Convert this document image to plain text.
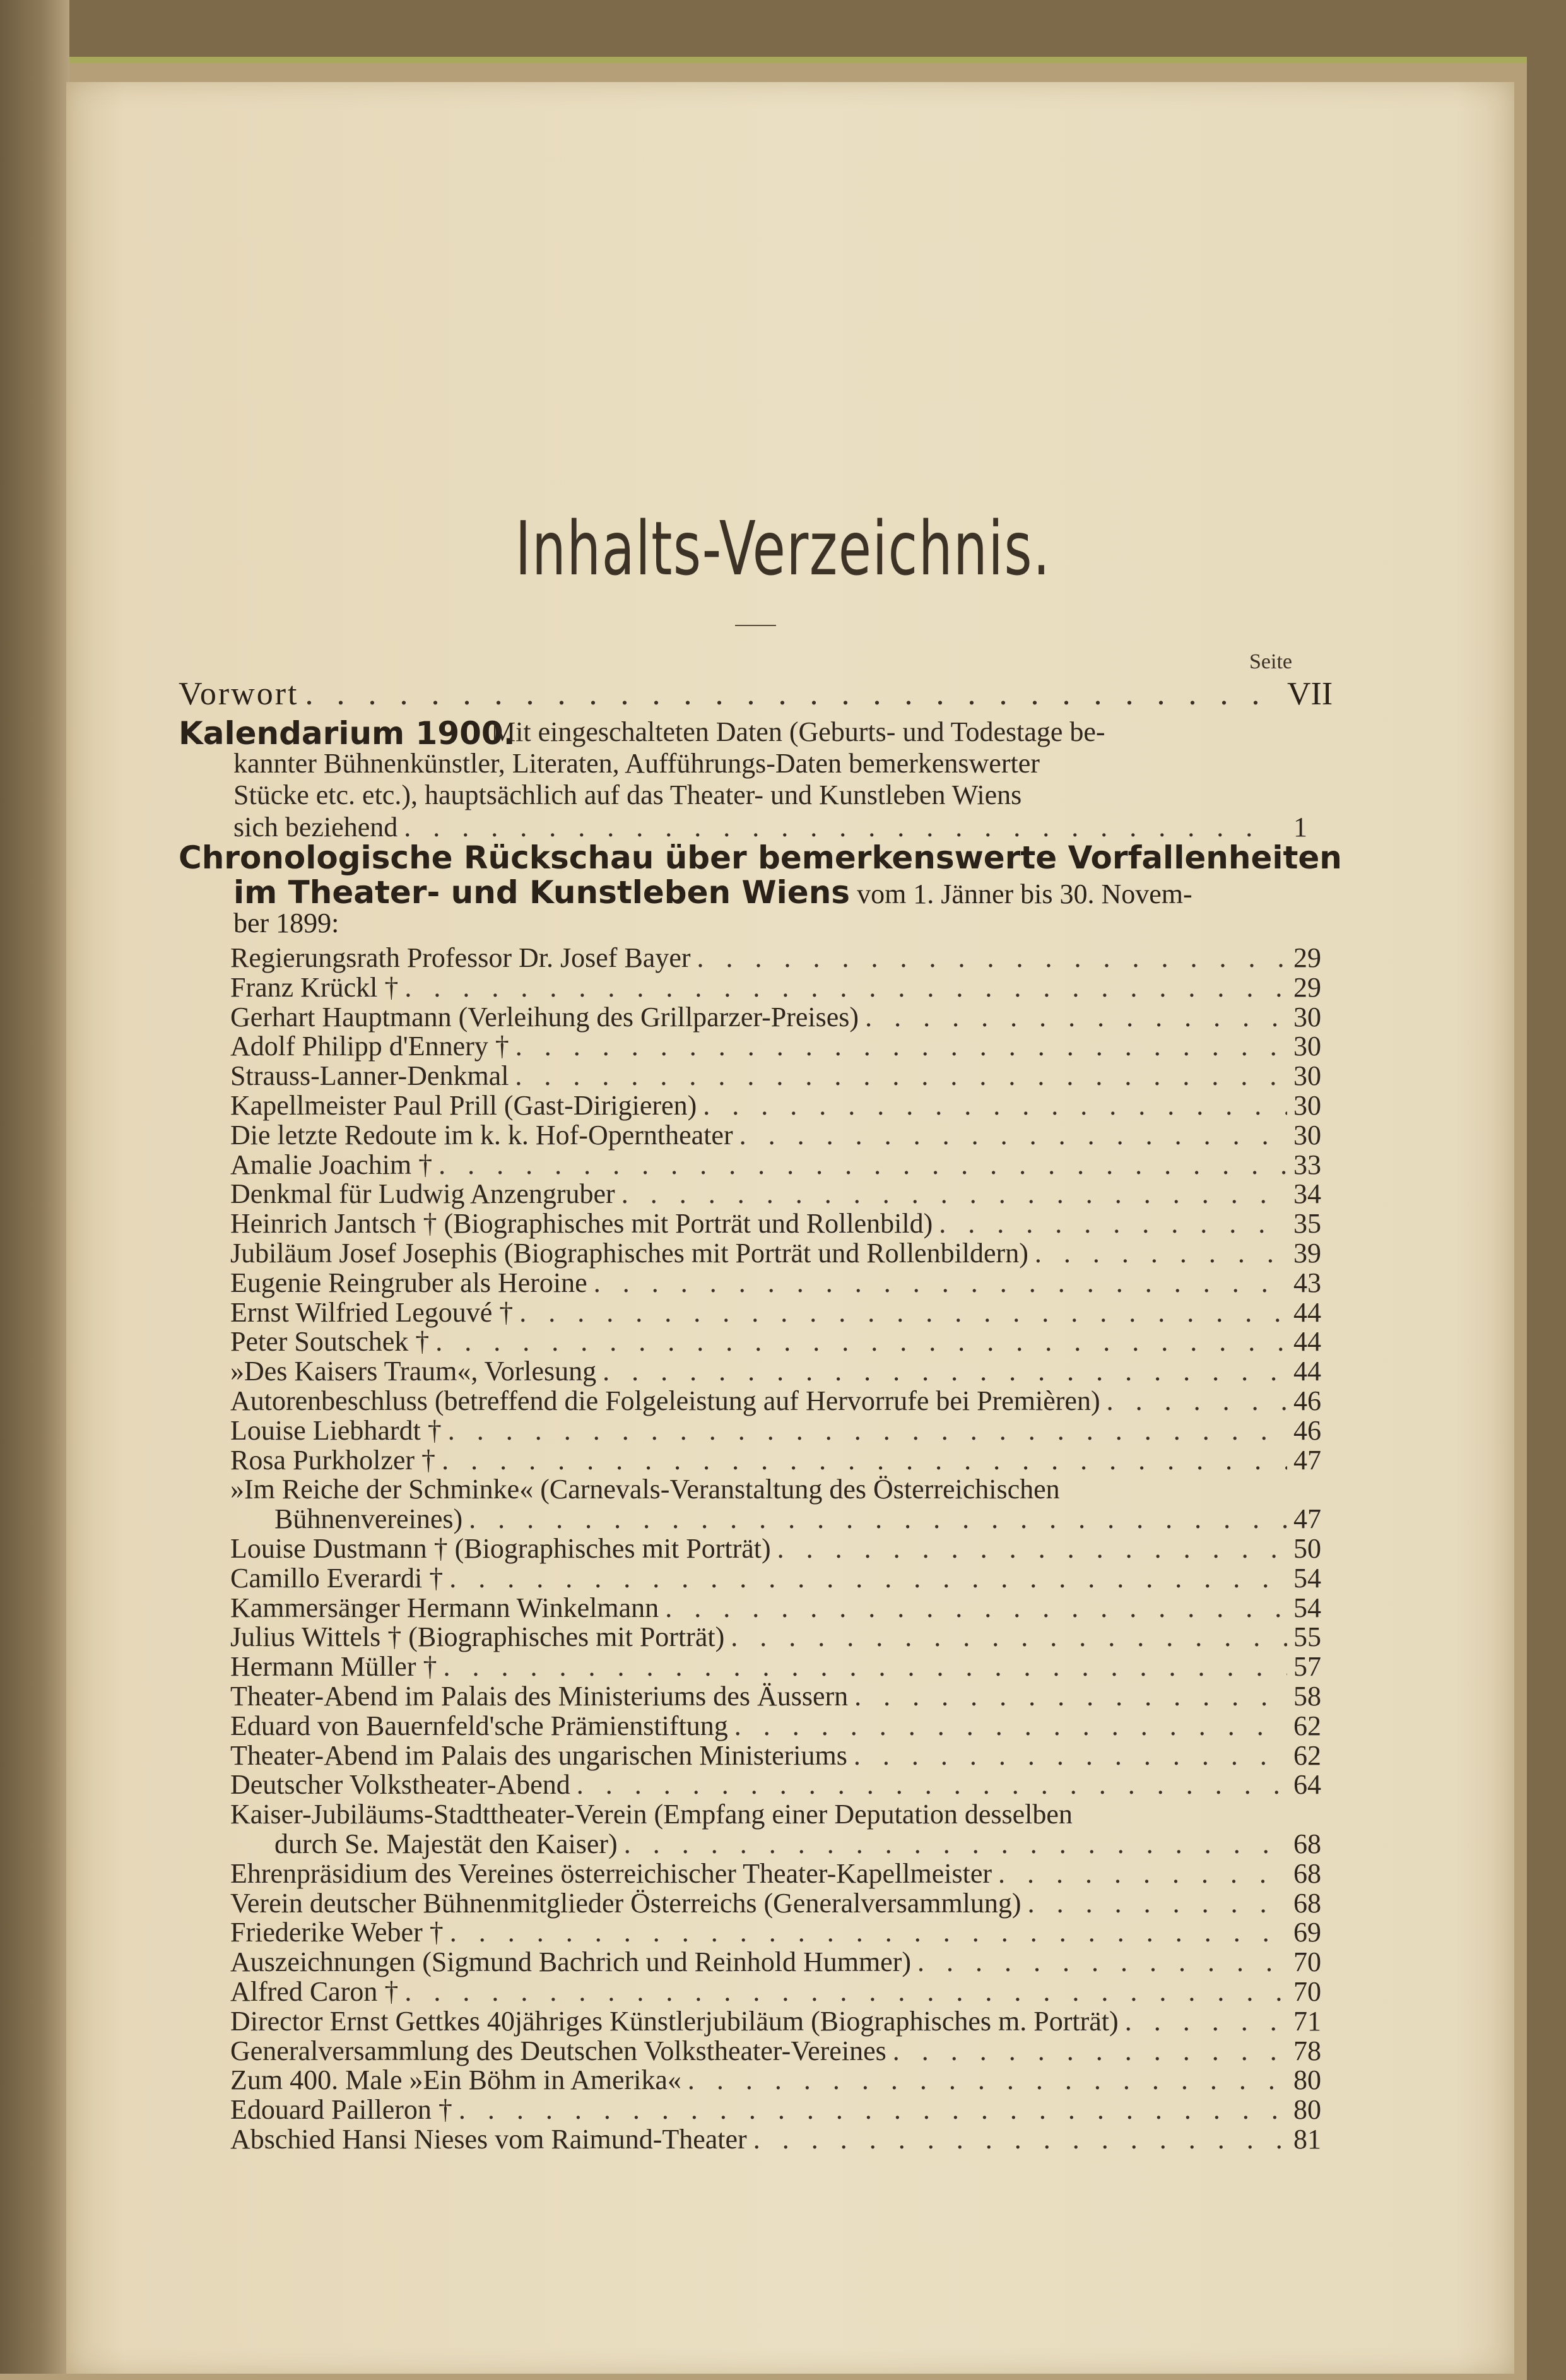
Inhalts-Verzeichnis.
Seite
Vorwort . . .	VII
Kalendarium 1900.
Mit eingeschalteten Daten (Geburts- und Todestage be-
kannter Bühnenkünstler, Literaten, Aufführungs-Daten bemerkenswerter
Stücke etc. etc.), hauptsächlich auf das Theater- und Kunstleben Wiens
sich beziehend . . .	1
Chronologische Rückschau über bemerkenswerte Vorfallenheiten
im Theater- und Kunstleben Wiens vom 1. Jänner bis 30. Novem-
ber 1899:
Regierungsrath Professor Dr. Josef Bayer . . .	29
Franz Krückl † . . .	29
Gerhart Hauptmann (Verleihung des Grillparzer-Preises) . . .	30
Adolf Philipp d'Ennery † . . .	30
Strauss-Lanner-Denkmal . . .	30
Kapellmeister Paul Prill (Gast-Dirigieren) . . .	30
Die letzte Redoute im k. k. Hof-Operntheater . . .	30
Amalie Joachim † . . .	33
Denkmal für Ludwig Anzengruber . . .	34
Heinrich Jantsch † (Biographisches mit Porträt und Rollenbild) . . .	35
Jubiläum Josef Josephis (Biographisches mit Porträt und Rollenbildern) . . .	39
Eugenie Reingruber als Heroine . . .	43
Ernst Wilfried Legouvé † . . .	44
Peter Soutschek † . . .	44
»Des Kaisers Traum«, Vorlesung . . .	44
Autorenbeschluss (betreffend die Folgeleistung auf Hervorrufe bei Premièren) . . .	46
Louise Liebhardt † . . .	46
Rosa Purkholzer † . . .	47
»Im Reiche der Schminke« (Carnevals-Veranstaltung des Österreichischen
Bühnenvereines) . . .	47
Louise Dustmann † (Biographisches mit Porträt) . . .	50
Camillo Everardi † . . .	54
Kammersänger Hermann Winkelmann . . .	54
Julius Wittels † (Biographisches mit Porträt) . . .	55
Hermann Müller † . . .	57
Theater-Abend im Palais des Ministeriums des Äussern . . .	58
Eduard von Bauernfeld'sche Prämienstiftung . . .	62
Theater-Abend im Palais des ungarischen Ministeriums . . .	62
Deutscher Volkstheater-Abend . . .	64
Kaiser-Jubiläums-Stadttheater-Verein (Empfang einer Deputation desselben
durch Se. Majestät den Kaiser) . . .	68
Ehrenpräsidium des Vereines österreichischer Theater-Kapellmeister . . .	68
Verein deutscher Bühnenmitglieder Österreichs (Generalversammlung) . . .	68
Friederike Weber † . . .	69
Auszeichnungen (Sigmund Bachrich und Reinhold Hummer) . . .	70
Alfred Caron † . . .	70
Director Ernst Gettkes 40jähriges Künstlerjubiläum (Biographisches m. Porträt) . . .	71
Generalversammlung des Deutschen Volkstheater-Vereines . . .	78
Zum 400. Male »Ein Böhm in Amerika« . . .	80
Edouard Pailleron † . . .	80
Abschied Hansi Nieses vom Raimund-Theater . . .	81
